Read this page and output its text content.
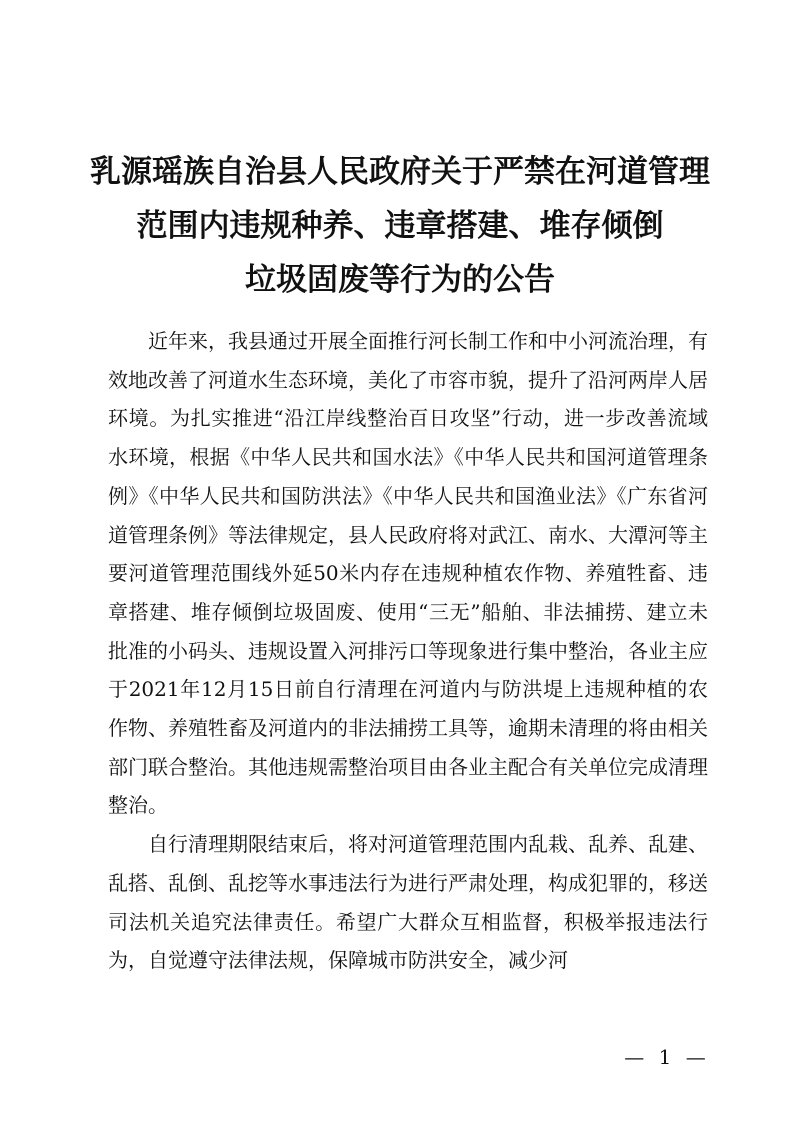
乳源瑶族自治县人民政府关于严禁在河道管理
范围内违规种养、违章搭建、堆存倾倒
垃圾固废等行为的公告

近年来，我县通过开展全面推行河长制工作和中小河流治理，有效地改善了河道水生态环境，美化了市容市貌，提升了沿河两岸人居环境。为扎实推进“沿江岸线整治百日攻坚”行动，进一步改善流域水环境，根据《中华人民共和国水法》《中华人民共和国河道管理条例》《中华人民共和国防洪法》《中华人民共和国渔业法》《广东省河道管理条例》等法律规定，县人民政府将对武江、南水、大潭河等主要河道管理范围线外延50米内存在违规种植农作物、养殖牲畜、违章搭建、堆存倾倒垃圾固废、使用“三无”船舶、非法捕捞、建立未批准的小码头、违规设置入河排污口等现象进行集中整治，各业主应于2021年12月15日前自行清理在河道内与防洪堤上违规种植的农作物、养殖牲畜及河道内的非法捕捞工具等，逾期未清理的将由相关部门联合整治。其他违规需整治项目由各业主配合有关单位完成清理整治。

自行清理期限结束后，将对河道管理范围内乱栽、乱养、乱建、乱搭、乱倒、乱挖等水事违法行为进行严肃处理，构成犯罪的，移送司法机关追究法律责任。希望广大群众互相监督，积极举报违法行为，自觉遵守法律法规，保障城市防洪安全，减少河

— 1 —
